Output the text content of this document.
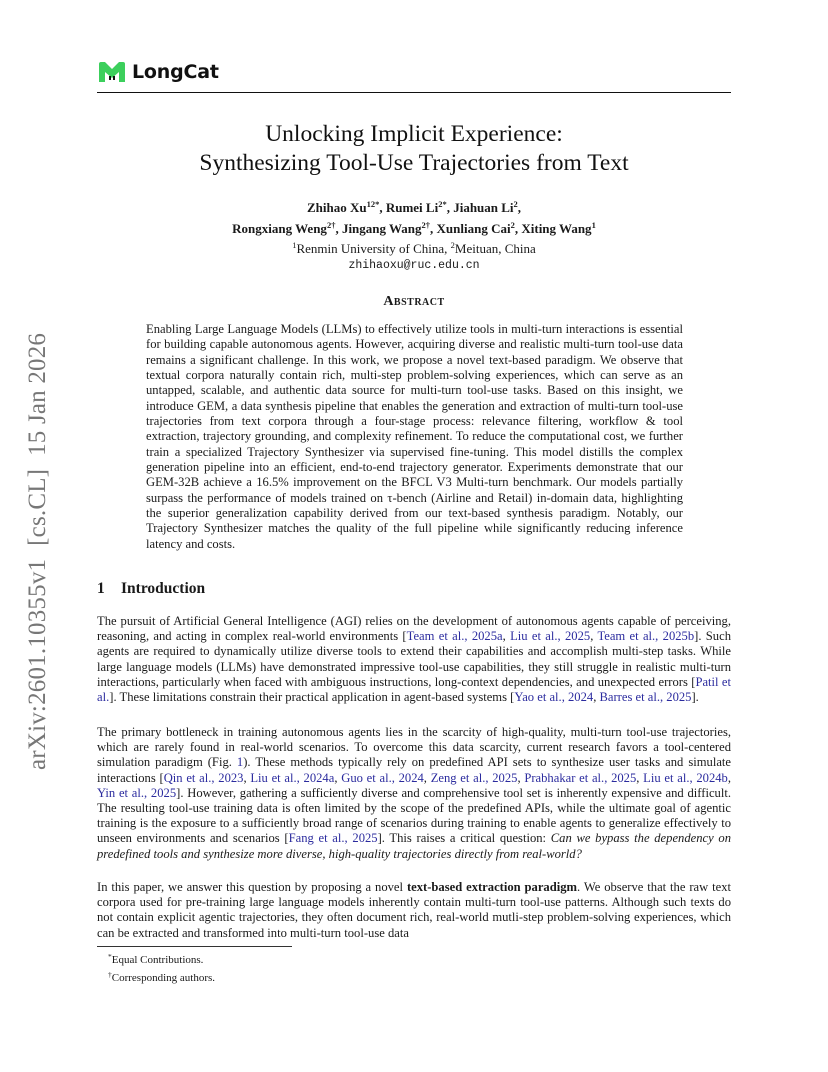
LongCat
arXiv:2601.10355v1  [cs.CL]  15 Jan 2026
Unlocking Implicit Experience:
Synthesizing Tool-Use Trajectories from Text
Zhihao $Xu^{12*}$, Rumei $Li^{2*}$, Jiahuan Li$^2$,
Rongxiang Weng$^{2\dagger}$, Jingang Wang$^{2\dagger}$, Xunliang Cai$^2$, Xiting Wang$^1$
$^1$Renmin University of China, $^2$Meituan, China
zhihaoxu@ruc.edu.cn
Abstract
Enabling Large Language Models (LLMs) to effectively utilize tools in multi-turn interactions is essential for building capable autonomous agents. However, acquiring diverse and realistic multi-turn tool-use data remains a significant challenge. In this work, we propose a novel text-based paradigm. We observe that textual corpora naturally contain rich, multi-step problem-solving experiences, which can serve as an untapped, scalable, and authentic data source for multi-turn tool-use tasks. Based on this insight, we introduce GEM, a data synthesis pipeline that enables the generation and extraction of multi-turn tool-use trajectories from text corpora through a four-stage process: relevance filtering, workflow & tool extraction, trajectory grounding, and complexity refinement. To reduce the computational cost, we further train a specialized Trajectory Synthesizer via supervised fine-tuning. This model distills the complex generation pipeline into an efficient, end-to-end trajectory generator. Experiments demonstrate that our GEM-32B achieve a 16.5% improvement on the BFCL V3 Multi-turn benchmark. Our models partially surpass the performance of models trained on τ-bench (Airline and Retail) in-domain data, highlighting the superior generalization capability derived from our text-based synthesis paradigm. Notably, our Trajectory Synthesizer matches the quality of the full pipeline while significantly reducing inference latency and costs.
1 Introduction
The pursuit of Artificial General Intelligence (AGI) relies on the development of autonomous agents capable of perceiving, reasoning, and acting in complex real-world environments [Team et al., 2025a, Liu et al., 2025, Team et al., 2025b]. Such agents are required to dynamically utilize diverse tools to extend their capabilities and accomplish multi-step tasks. While large language models (LLMs) have demonstrated impressive tool-use capabilities, they still struggle in realistic multi-turn interactions, particularly when faced with ambiguous instructions, long-context dependencies, and unexpected errors [Patil et al.]. These limitations constrain their practical application in agent-based systems [Yao et al., 2024, Barres et al., 2025].
The primary bottleneck in training autonomous agents lies in the scarcity of high-quality, multi-turn tool-use trajectories, which are rarely found in real-world scenarios. To overcome this data scarcity, current research favors a tool-centered simulation paradigm (Fig. 1). These methods typically rely on predefined API sets to synthesize user tasks and simulate interactions [Qin et al., 2023, Liu et al., 2024a, Guo et al., 2024, Zeng et al., 2025, Prabhakar et al., 2025, Liu et al., 2024b, Yin et al., 2025]. However, gathering a sufficiently diverse and comprehensive tool set is inherently expensive and difficult. The resulting tool-use training data is often limited by the scope of the predefined APIs, while the ultimate goal of agentic training is the exposure to a sufficiently broad range of scenarios during training to enable agents to generalize effectively to unseen environments and scenarios [Fang et al., 2025]. This raises a critical question: Can we bypass the dependency on predefined tools and synthesize more diverse, high-quality trajectories directly from real-world?
In this paper, we answer this question by proposing a novel text-based extraction paradigm. We observe that the raw text corpora used for pre-training large language models inherently contain multi-turn tool-use patterns. Although such texts do not contain explicit agentic trajectories, they often document rich, real-world mutli-step problem-solving experiences, which can be extracted and transformed into multi-turn tool-use data
*Equal Contributions.
†Corresponding authors.
